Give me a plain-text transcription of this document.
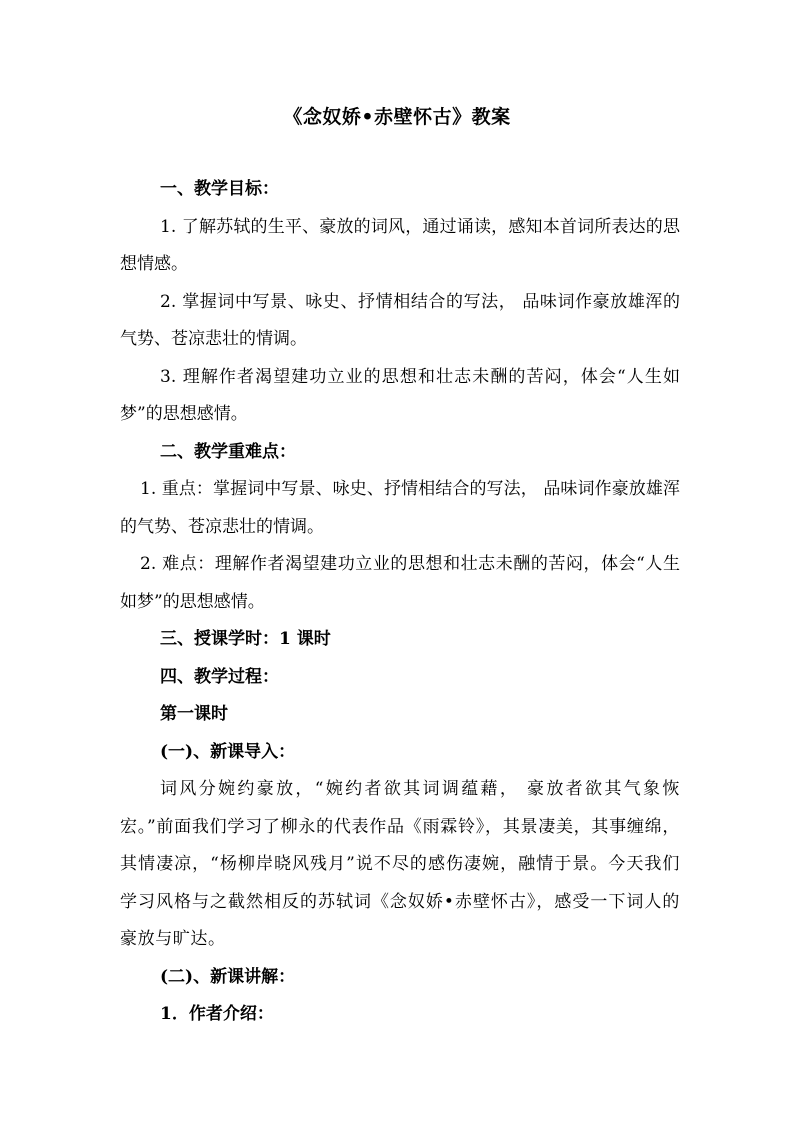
《念奴娇•赤壁怀古》教案

一、教学目标：

1. 了解苏轼的生平、豪放的词风，通过诵读，感知本首词所表达的思想情感。

2. 掌握词中写景、咏史、抒情相结合的写法， 品味词作豪放雄浑的气势、苍凉悲壮的情调。

3. 理解作者渴望建功立业的思想和壮志未酬的苦闷，体会“人生如梦”的思想感情。

二、教学重难点：

1. 重点：掌握词中写景、咏史、抒情相结合的写法， 品味词作豪放雄浑的气势、苍凉悲壮的情调。

2. 难点：理解作者渴望建功立业的思想和壮志未酬的苦闷，体会“人生如梦”的思想感情。

三、授课学时：1 课时

四、教学过程：

第一课时

(一)、新课导入：

词风分婉约豪放，“婉约者欲其词调蕴藉， 豪放者欲其气象恢宏。”前面我们学习了柳永的代表作品《雨霖铃》，其景凄美，其事缠绵，其情凄凉，“杨柳岸晓风残月”说不尽的感伤凄婉，融情于景。今天我们学习风格与之截然相反的苏轼词《念奴娇•赤壁怀古》，感受一下词人的豪放与旷达。

(二)、新课讲解：

1．作者介绍：
